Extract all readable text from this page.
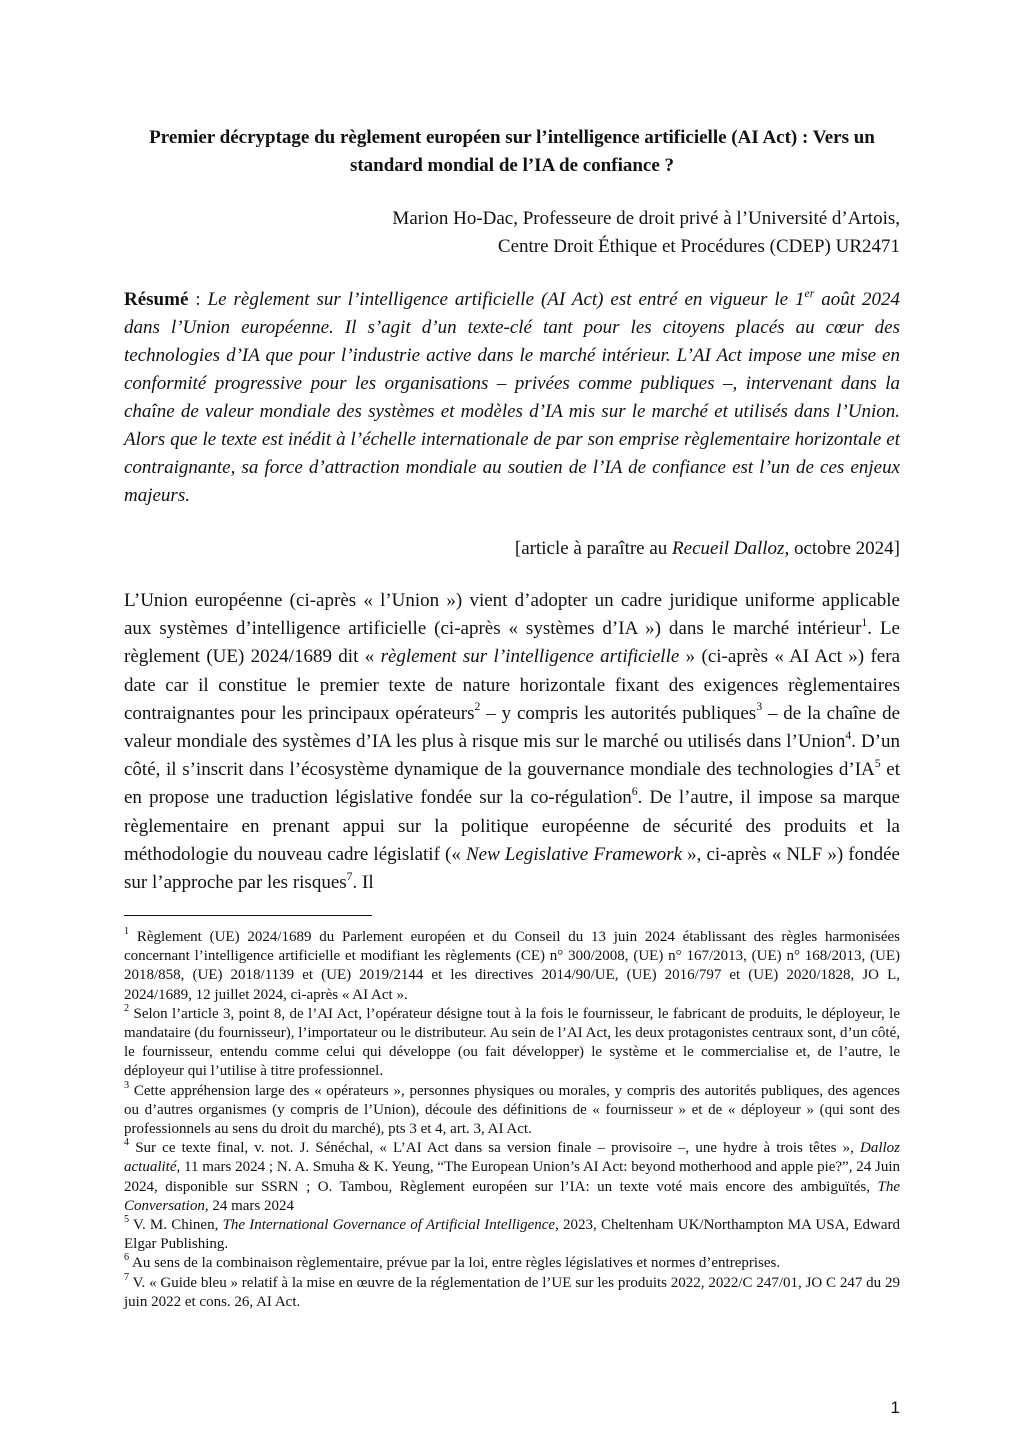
Premier décryptage du règlement européen sur l’intelligence artificielle (AI Act) : Vers un standard mondial de l’IA de confiance ?
Marion Ho-Dac, Professeure de droit privé à l’Université d’Artois,
Centre Droit Éthique et Procédures (CDEP) UR2471
Résumé : Le règlement sur l’intelligence artificielle (AI Act) est entré en vigueur le 1er août 2024 dans l’Union européenne. Il s’agit d’un texte-clé tant pour les citoyens placés au cœur des technologies d’IA que pour l’industrie active dans le marché intérieur. L’AI Act impose une mise en conformité progressive pour les organisations – privées comme publiques –, intervenant dans la chaîne de valeur mondiale des systèmes et modèles d’IA mis sur le marché et utilisés dans l’Union. Alors que le texte est inédit à l’échelle internationale de par son emprise règlementaire horizontale et contraignante, sa force d’attraction mondiale au soutien de l’IA de confiance est l’un de ces enjeux majeurs.
[article à paraître au Recueil Dalloz, octobre 2024]
L’Union européenne (ci-après « l’Union ») vient d’adopter un cadre juridique uniforme applicable aux systèmes d’intelligence artificielle (ci-après « systèmes d’IA ») dans le marché intérieur$^1$. Le règlement (UE) 2024/1689 dit « règlement sur l’intelligence artificielle » (ci-après « AI Act ») fera date car il constitue le premier texte de nature horizontale fixant des exigences règlementaires contraignantes pour les principaux opérateurs$^2$ – y compris les autorités publiques$^3$ – de la chaîne de valeur mondiale des systèmes d’IA les plus à risque mis sur le marché ou utilisés dans l’Union$^4$. D’un côté, il s’inscrit dans l’écosystème dynamique de la gouvernance mondiale des technologies $d’IA^5$ et en propose une traduction législative fondée sur la co-régulation$^6$. De l’autre, il impose sa marque règlementaire en prenant appui sur la politique européenne de sécurité des produits et la méthodologie du nouveau cadre législatif (« New Legislative Framework », ci-après « NLF ») fondée sur l’approche par les risques$^7$. Il

$^1$ Règlement (UE) 2024/1689 du Parlement européen et du Conseil du 13 juin 2024 établissant des règles harmonisées concernant l’intelligence artificielle et modifiant les règlements (CE) n° 300/2008, (UE) n° 167/2013, (UE) n° 168/2013, (UE) 2018/858, (UE) 2018/1139 et (UE) 2019/2144 et les directives 2014/90/UE, (UE) 2016/797 et (UE) 2020/1828, JO L, 2024/1689, 12 juillet 2024, ci-après « AI Act ».

$^2$ Selon l’article 3, point 8, de l’AI Act, l’opérateur désigne tout à la fois le fournisseur, le fabricant de produits, le déployeur, le mandataire (du fournisseur), l’importateur ou le distributeur. Au sein de l’AI Act, les deux protagonistes centraux sont, d’un côté, le fournisseur, entendu comme celui qui développe (ou fait développer) le système et le commercialise et, de l’autre, le déployeur qui l’utilise à titre professionnel.

$^3$ Cette appréhension large des « opérateurs », personnes physiques ou morales, y compris des autorités publiques, des agences ou d’autres organismes (y compris de l’Union), découle des définitions de « fournisseur » et de « déployeur » (qui sont des professionnels au sens du droit du marché), pts 3 et 4, art. 3, AI Act.

$^4$ Sur ce texte final, v. not. J. Sénéchal, « L’AI Act dans sa version finale – provisoire –, une hydre à trois têtes », Dalloz actualité, 11 mars 2024 ; N. A. Smuha & K. Yeung, “The European Union’s AI Act: beyond motherhood and apple pie?”, 24 Juin 2024, disponible sur SSRN ; O. Tambou, Règlement européen sur l’IA: un texte voté mais encore des ambiguïtés, The Conversation, 24 mars 2024

$^5$ V. M. Chinen, The International Governance of Artificial Intelligence, 2023, Cheltenham UK/Northampton MA USA, Edward Elgar Publishing.

$^6$ Au sens de la combinaison règlementaire, prévue par la loi, entre règles législatives et normes d’entreprises.

$^7$ V. « Guide bleu » relatif à la mise en œuvre de la réglementation de l’UE sur les produits 2022, 2022/C 247/01, JO C 247 du 29 juin 2022 et cons. 26, AI Act.

1
